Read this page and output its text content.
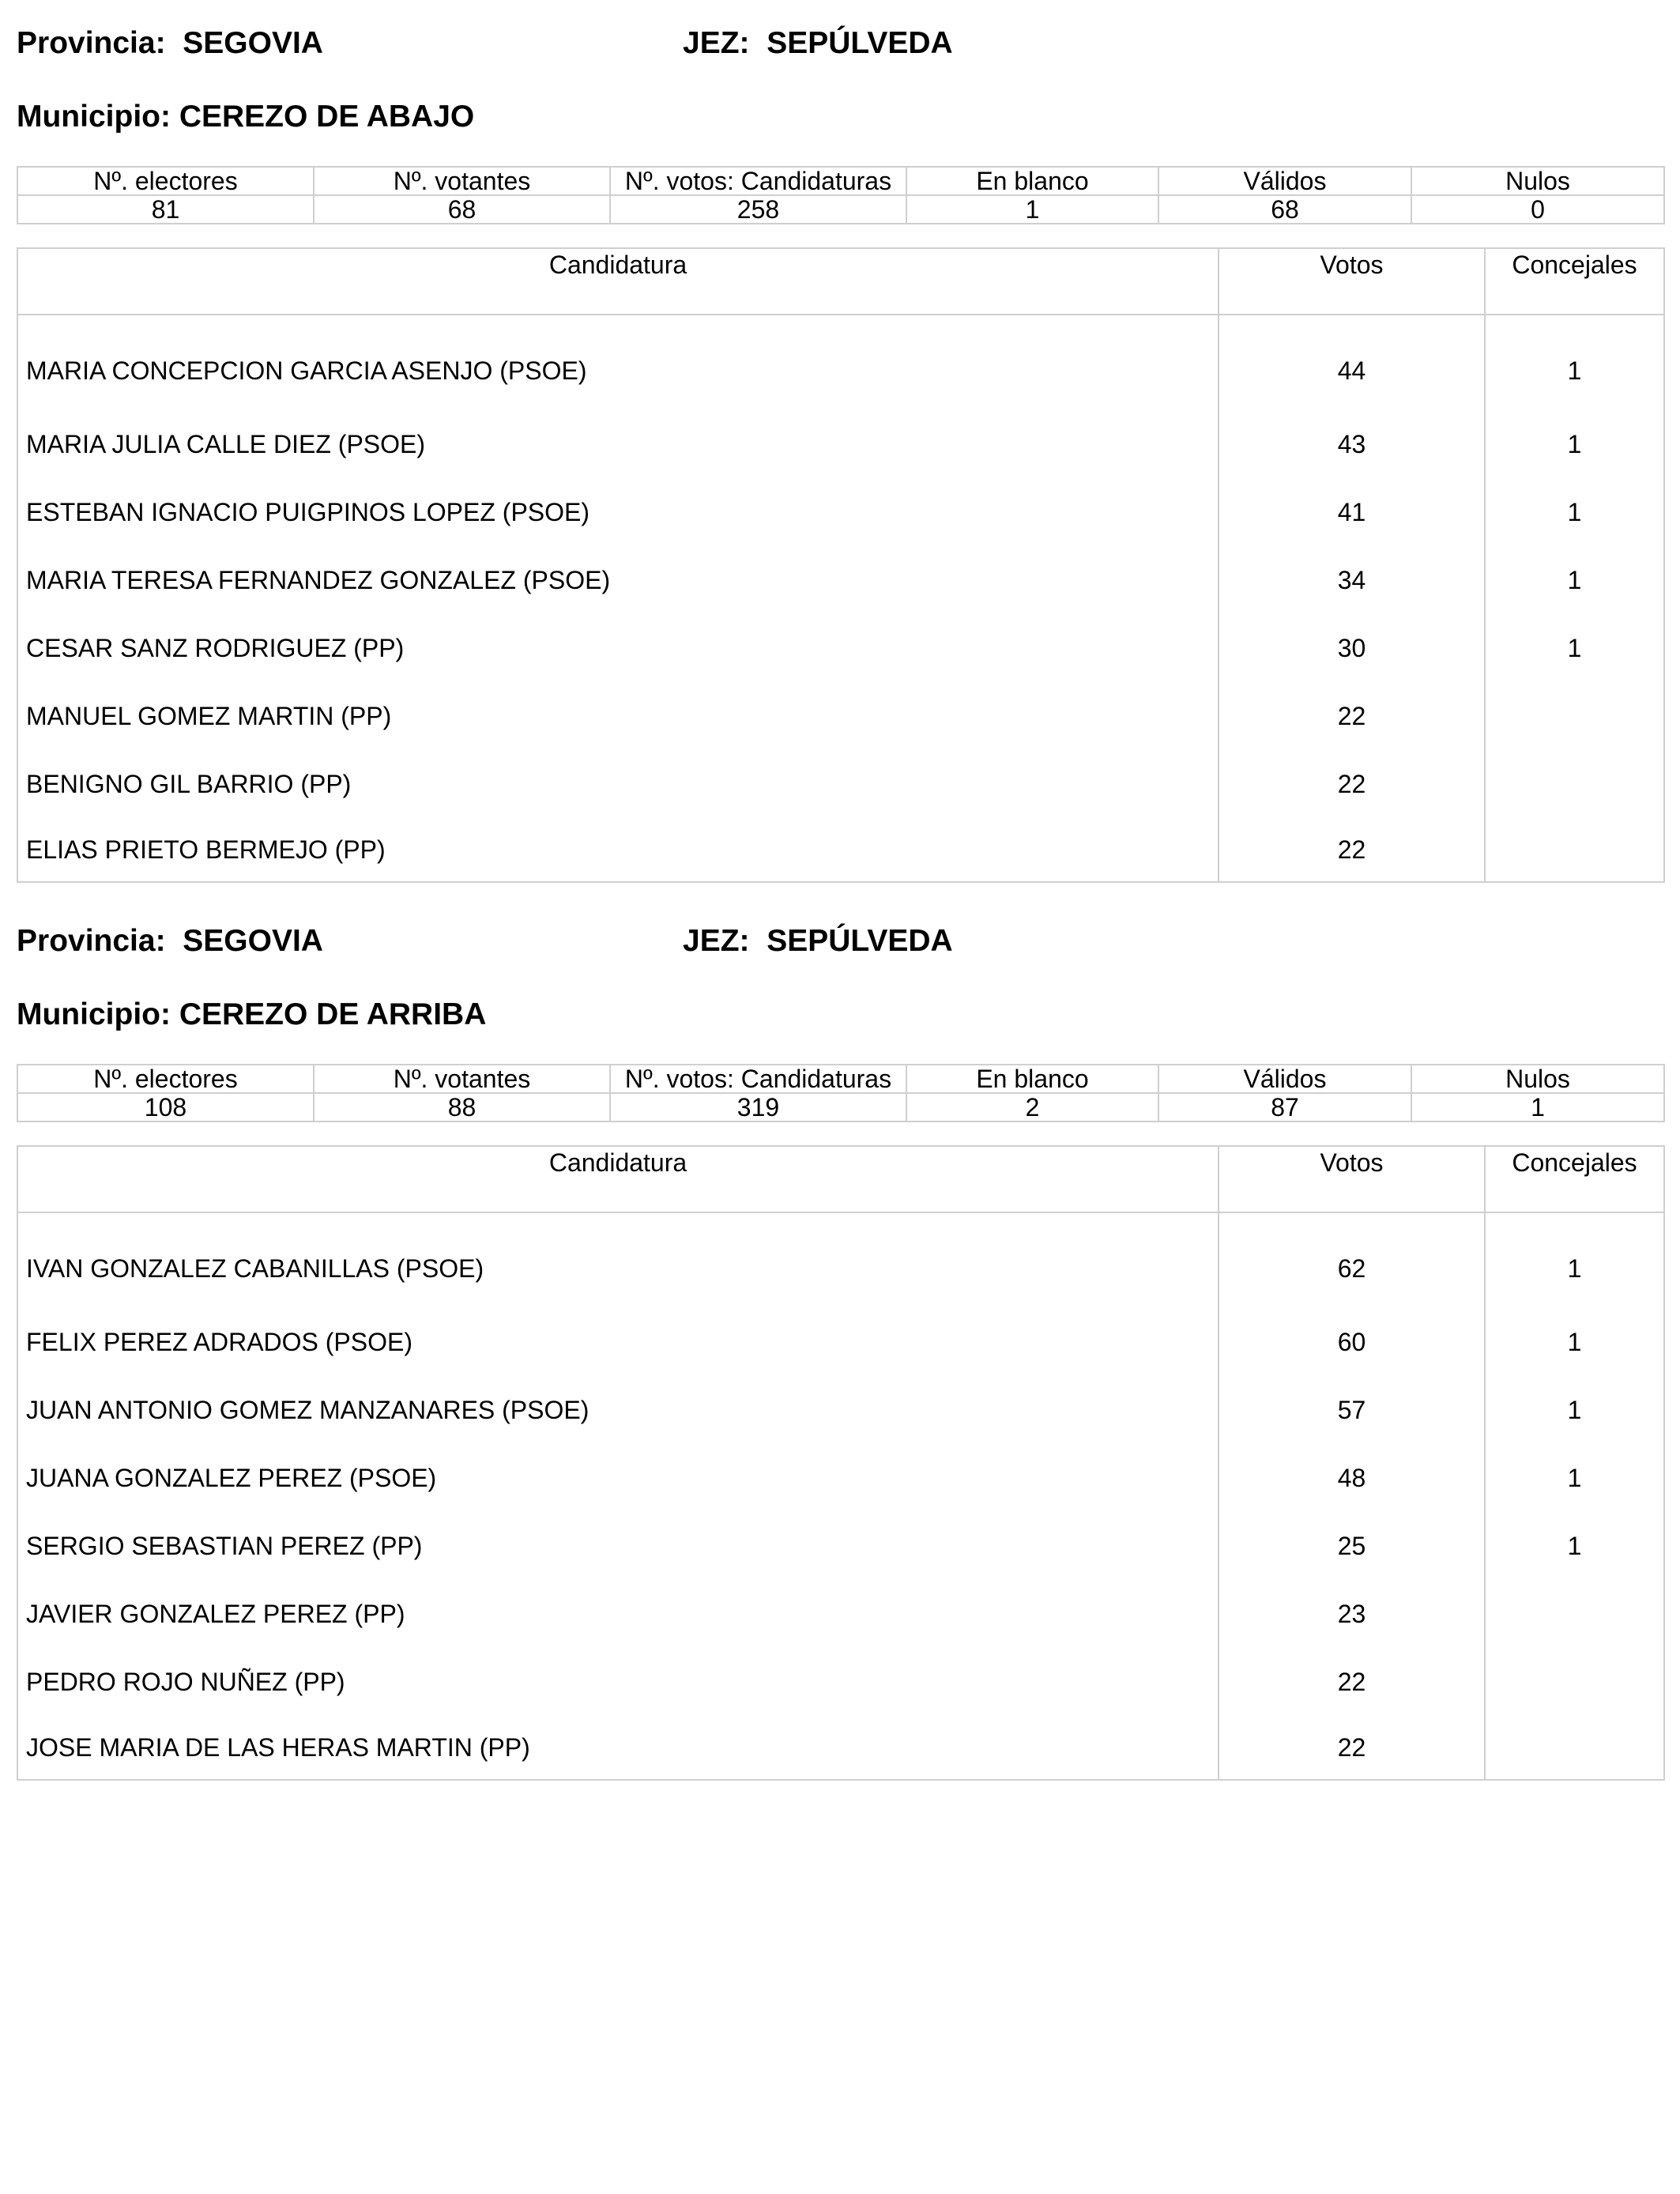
Provincia: SEGOVIA	JEZ: SEPÚLVEDA
Municipio: CEREZO DE ABAJO
Nº. electores	Nº. votantes	Nº. votos: Candidaturas	En blanco	Válidos	Nulos
81	68	258	1	68	0
Candidatura	Votos	Concejales
MARIA CONCEPCION GARCIA ASENJO (PSOE)	44	1
MARIA JULIA CALLE DIEZ (PSOE)	43	1
ESTEBAN IGNACIO PUIGPINOS LOPEZ (PSOE)	41	1
MARIA TERESA FERNANDEZ GONZALEZ (PSOE)	34	1
CESAR SANZ RODRIGUEZ (PP)	30	1
MANUEL GOMEZ MARTIN (PP)	22	
BENIGNO GIL BARRIO (PP)	22	
ELIAS PRIETO BERMEJO (PP)	22	
Provincia: SEGOVIA	JEZ: SEPÚLVEDA
Municipio: CEREZO DE ARRIBA
Nº. electores	Nº. votantes	Nº. votos: Candidaturas	En blanco	Válidos	Nulos
108	88	319	2	87	1
Candidatura	Votos	Concejales
IVAN GONZALEZ CABANILLAS (PSOE)	62	1
FELIX PEREZ ADRADOS (PSOE)	60	1
JUAN ANTONIO GOMEZ MANZANARES (PSOE)	57	1
JUANA GONZALEZ PEREZ (PSOE)	48	1
SERGIO SEBASTIAN PEREZ (PP)	25	1
JAVIER GONZALEZ PEREZ (PP)	23	
PEDRO ROJO NUÑEZ (PP)	22	
JOSE MARIA DE LAS HERAS MARTIN (PP)	22	
